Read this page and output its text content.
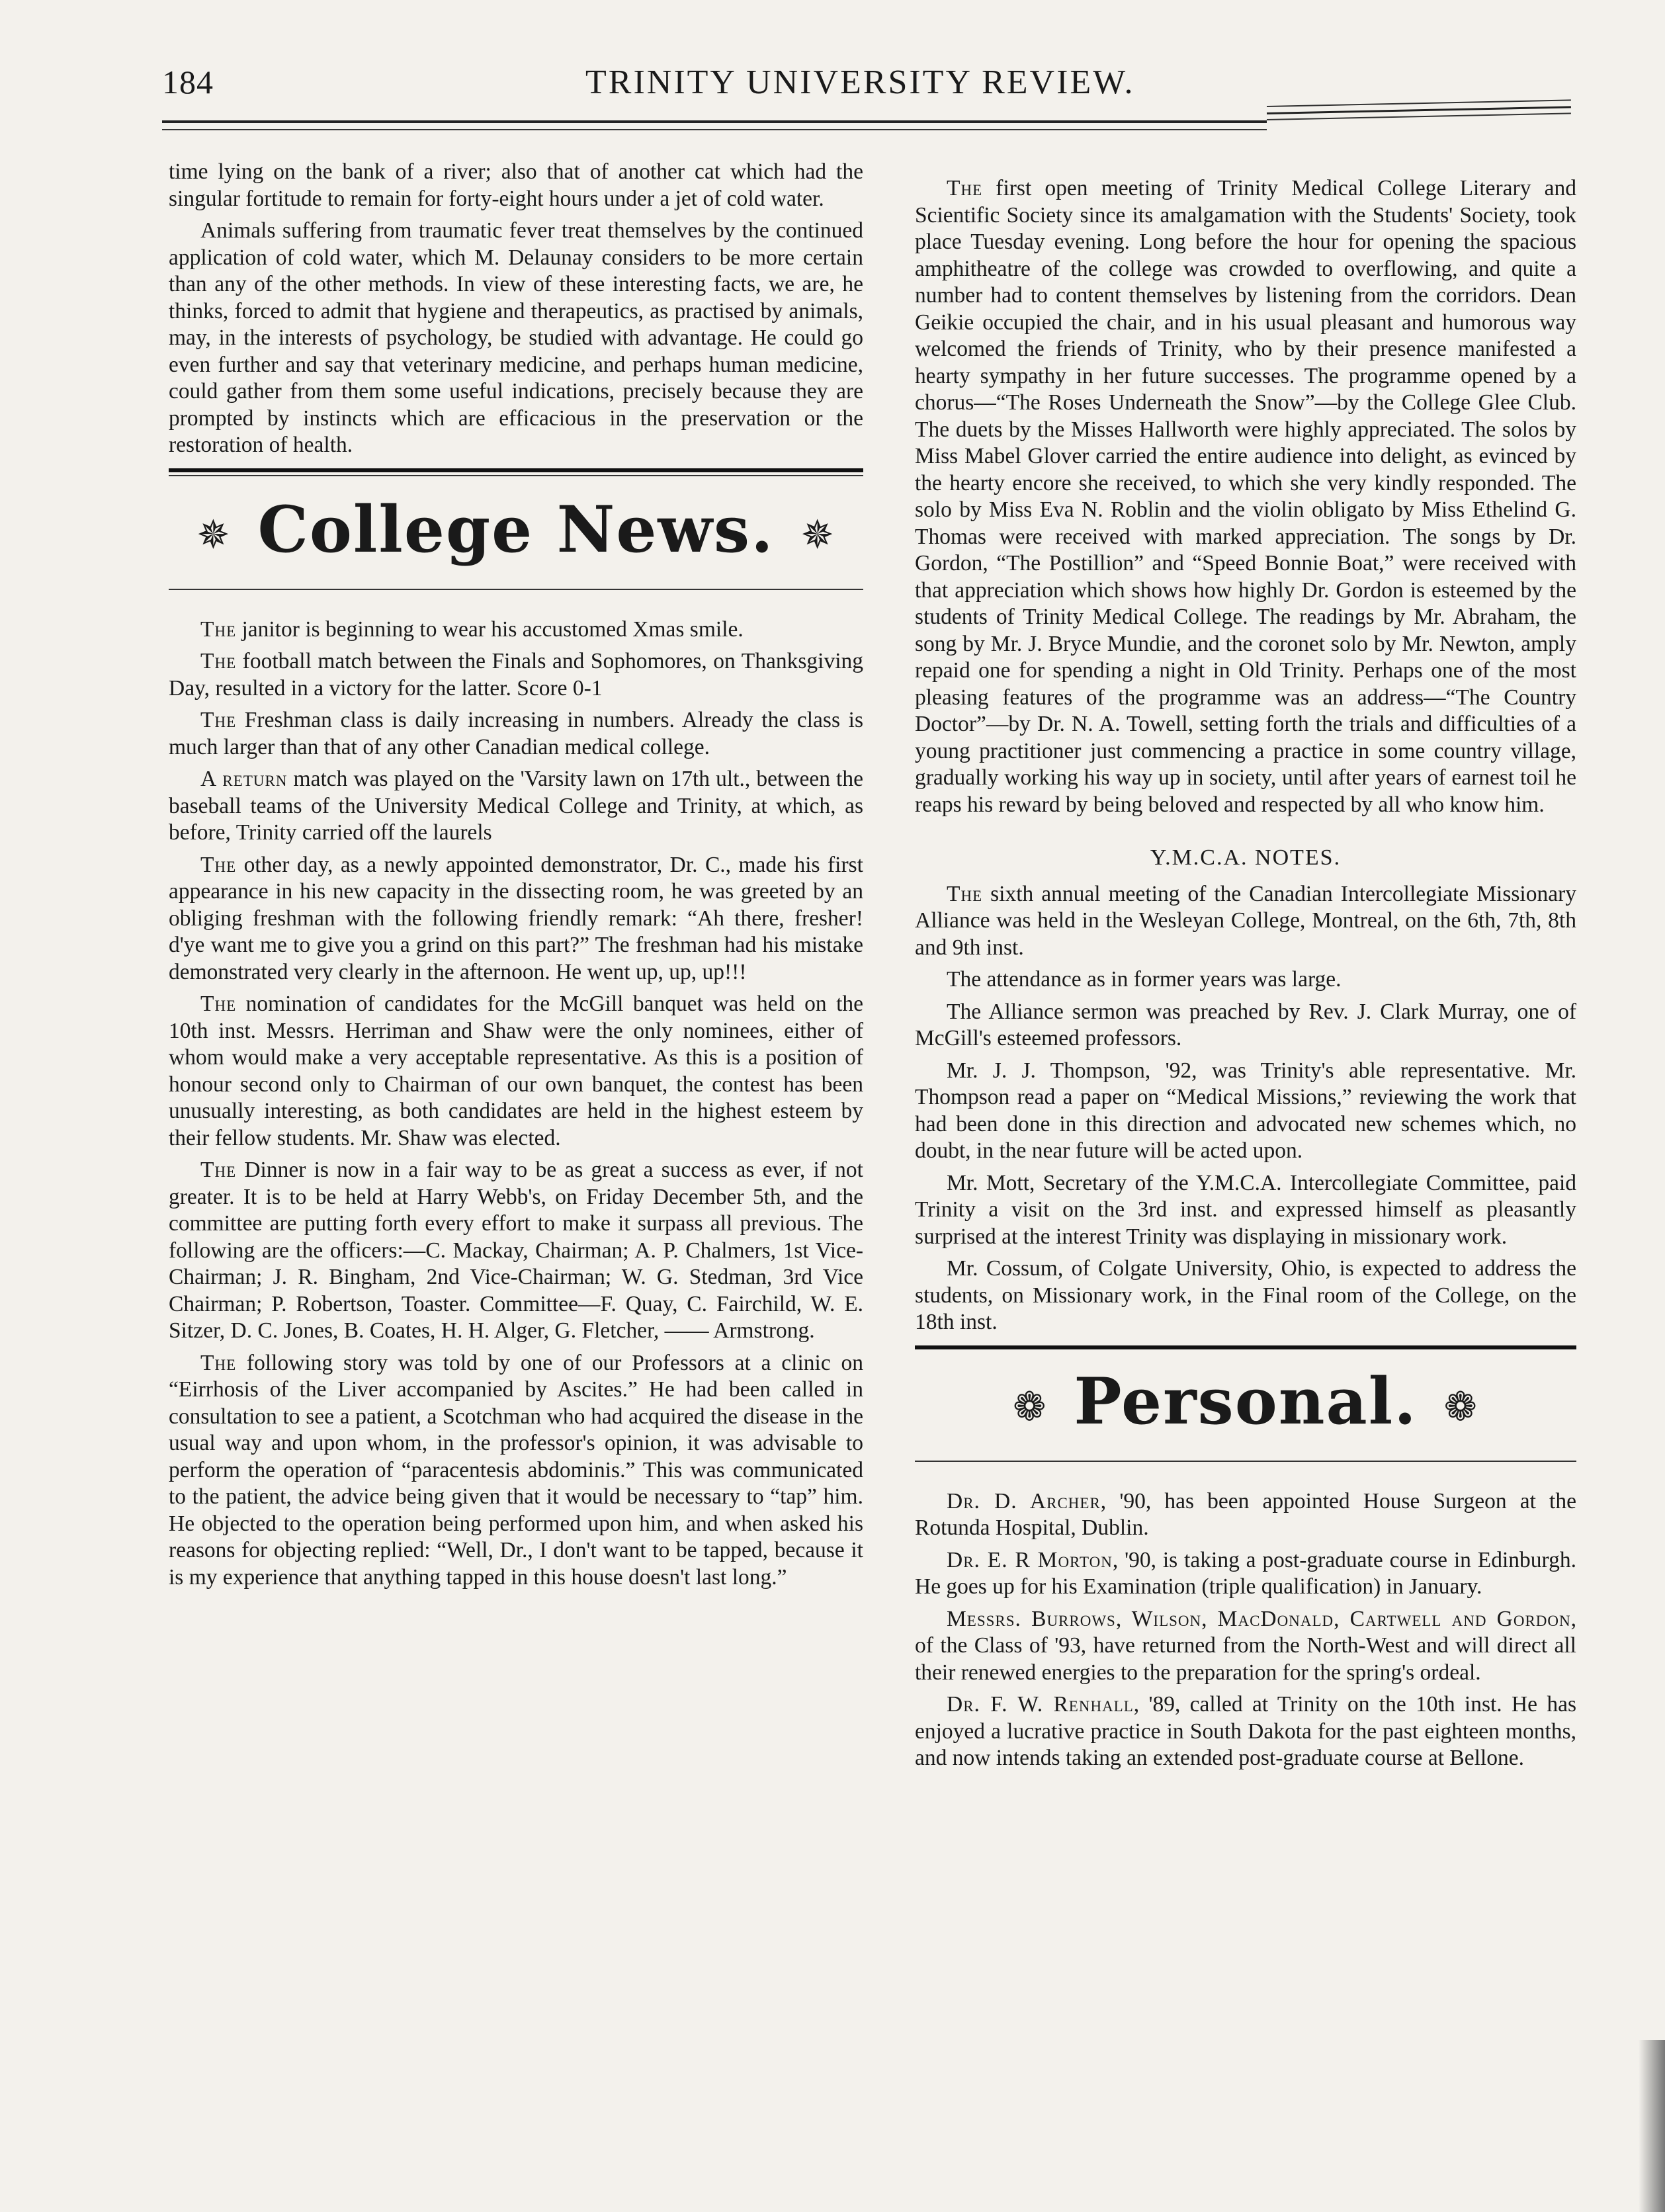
184	TRINITY UNIVERSITY REVIEW.

time lying on the bank of a river; also that of another cat which had the singular fortitude to remain for forty-eight hours under a jet of cold water.

Animals suffering from traumatic fever treat themselves by the continued application of cold water, which M. Delaunay considers to be more certain than any of the other methods. In view of these interesting facts, we are, he thinks, forced to admit that hygiene and therapeutics, as practised by animals, may, in the interests of psychology, be studied with advantage. He could go even further and say that veterinary medicine, and perhaps human medicine, could gather from them some useful indications, precisely because they are prompted by instincts which are efficacious in the preservation or the restoration of health.

✵ College News. ✵

The janitor is beginning to wear his accustomed Xmas smile.

The football match between the Finals and Sophomores, on Thanksgiving Day, resulted in a victory for the latter. Score 0-1

The Freshman class is daily increasing in numbers. Already the class is much larger than that of any other Canadian medical college.

A return match was played on the 'Varsity lawn on 17th ult., between the baseball teams of the University Medical College and Trinity, at which, as before, Trinity carried off the laurels

The other day, as a newly appointed demonstrator, Dr. C., made his first appearance in his new capacity in the dissecting room, he was greeted by an obliging freshman with the following friendly remark: “Ah there, fresher! d'ye want me to give you a grind on this part?” The freshman had his mistake demonstrated very clearly in the afternoon. He went up, up, up!!!

The nomination of candidates for the McGill banquet was held on the 10th inst. Messrs. Herriman and Shaw were the only nominees, either of whom would make a very acceptable representative. As this is a position of honour second only to Chairman of our own banquet, the contest has been unusually interesting, as both candidates are held in the highest esteem by their fellow students. Mr. Shaw was elected.

The Dinner is now in a fair way to be as great a success as ever, if not greater. It is to be held at Harry Webb's, on Friday December 5th, and the committee are putting forth every effort to make it surpass all previous. The following are the officers:—C. Mackay, Chairman; A. P. Chalmers, 1st Vice-Chairman; J. R. Bingham, 2nd Vice-Chairman; W. G. Stedman, 3rd Vice Chairman; P. Robertson, Toaster. Committee—F. Quay, C. Fairchild, W. E. Sitzer, D. C. Jones, B. Coates, H. H. Alger, G. Fletcher, —— Armstrong.

The following story was told by one of our Professors at a clinic on “Eirrhosis of the Liver accompanied by Ascites.” He had been called in consultation to see a patient, a Scotchman who had acquired the disease in the usual way and upon whom, in the professor's opinion, it was advisable to perform the operation of “paracentesis abdominis.” This was communicated to the patient, the advice being given that it would be necessary to “tap” him. He objected to the operation being performed upon him, and when asked his reasons for objecting replied: “Well, Dr., I don't want to be tapped, because it is my experience that anything tapped in this house doesn't last long.”

The first open meeting of Trinity Medical College Literary and Scientific Society since its amalgamation with the Students' Society, took place Tuesday evening. Long before the hour for opening the spacious amphitheatre of the college was crowded to overflowing, and quite a number had to content themselves by listening from the corridors. Dean Geikie occupied the chair, and in his usual pleasant and humorous way welcomed the friends of Trinity, who by their presence manifested a hearty sympathy in her future successes. The programme opened by a chorus—“The Roses Underneath the Snow”—by the College Glee Club. The duets by the Misses Hallworth were highly appreciated. The solos by Miss Mabel Glover carried the entire audience into delight, as evinced by the hearty encore she received, to which she very kindly responded. The solo by Miss Eva N. Roblin and the violin obligato by Miss Ethelind G. Thomas were received with marked appreciation. The songs by Dr. Gordon, “The Postillion” and “Speed Bonnie Boat,” were received with that appreciation which shows how highly Dr. Gordon is esteemed by the students of Trinity Medical College. The readings by Mr. Abraham, the song by Mr. J. Bryce Mundie, and the coronet solo by Mr. Newton, amply repaid one for spending a night in Old Trinity. Perhaps one of the most pleasing features of the programme was an address—“The Country Doctor”—by Dr. N. A. Towell, setting forth the trials and difficulties of a young practitioner just commencing a practice in some country village, gradually working his way up in society, until after years of earnest toil he reaps his reward by being beloved and respected by all who know him.

Y.M.C.A. NOTES.

The sixth annual meeting of the Canadian Intercollegiate Missionary Alliance was held in the Wesleyan College, Montreal, on the 6th, 7th, 8th and 9th inst.

The attendance as in former years was large.

The Alliance sermon was preached by Rev. J. Clark Murray, one of McGill's esteemed professors.

Mr. J. J. Thompson, '92, was Trinity's able representative. Mr. Thompson read a paper on “Medical Missions,” reviewing the work that had been done in this direction and advocated new schemes which, no doubt, in the near future will be acted upon.

Mr. Mott, Secretary of the Y.M.C.A. Intercollegiate Committee, paid Trinity a visit on the 3rd inst. and expressed himself as pleasantly surprised at the interest Trinity was displaying in missionary work.

Mr. Cossum, of Colgate University, Ohio, is expected to address the students, on Missionary work, in the Final room of the College, on the 18th inst.

❁ Personal. ❁

Dr. D. Archer, '90, has been appointed House Surgeon at the Rotunda Hospital, Dublin.

Dr. E. R Morton, '90, is taking a post-graduate course in Edinburgh. He goes up for his Examination (triple qualification) in January.

Messrs. Burrows, Wilson, MacDonald, Cartwell and Gordon, of the Class of '93, have returned from the North-West and will direct all their renewed energies to the preparation for the spring's ordeal.

Dr. F. W. Renhall, '89, called at Trinity on the 10th inst. He has enjoyed a lucrative practice in South Dakota for the past eighteen months, and now intends taking an extended post-graduate course at Bellone.
